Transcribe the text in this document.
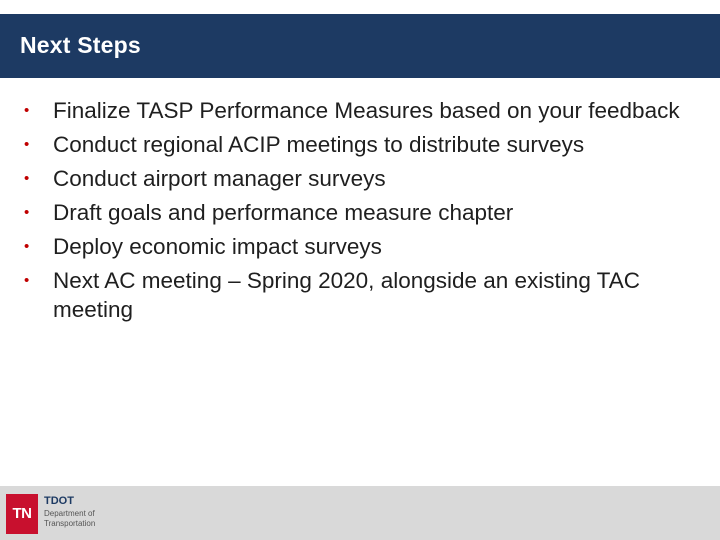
Next Steps
• Finalize TASP Performance Measures based on your feedback
• Conduct regional ACIP meetings to distribute surveys
• Conduct airport manager surveys
• Draft goals and performance measure chapter
• Deploy economic impact surveys
• Next AC meeting – Spring 2020, alongside an existing TAC meeting
TN
TDOT
Department of Transportation
